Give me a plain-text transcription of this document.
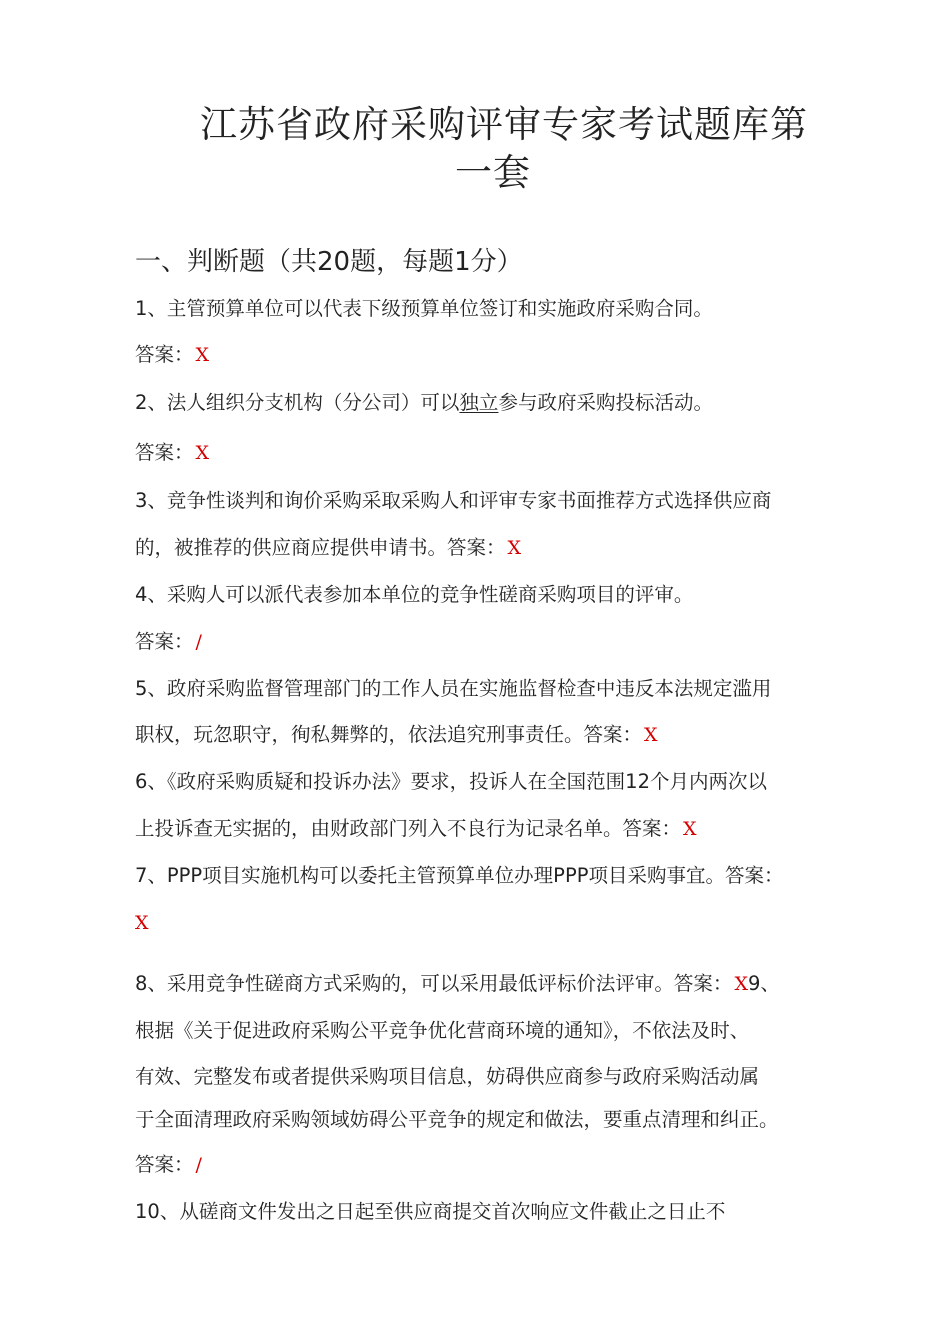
江苏省政府采购评审专家考试题库第
一套
一、判断题（共20题，每题1分）
1、主管预算单位可以代表下级预算单位签订和实施政府采购合同。
答案： X
2、法人组织分支机构（分公司）可以独立参与政府采购投标活动。
答案： X
3、竞争性谈判和询价采购采取采购人和评审专家书面推荐方式选择供应商
的，被推荐的供应商应提供申请书。答案： X
4、采购人可以派代表参加本单位的竞争性磋商采购项目的评审。
答案： /
5、政府采购监督管理部门的工作人员在实施监督检查中违反本法规定滥用
职权，玩忽职守，徇私舞弊的，依法追究刑事责任。答案： X
6、《政府采购质疑和投诉办法》要求，投诉人在全国范围12个月内两次以
上投诉查无实据的，由财政部门列入不良行为记录名单。答案： X
7、PPP项目实施机构可以委托主管预算单位办理PPP项目采购事宜。答案：
X
8、采用竞争性磋商方式采购的，可以采用最低评标价法评审。答案： X9、
根据《关于促进政府采购公平竞争优化营商环境的通知》，不依法及时、
有效、完整发布或者提供采购项目信息，妨碍供应商参与政府采购活动属
于全面清理政府采购领域妨碍公平竞争的规定和做法，要重点清理和纠正。
答案： /
10、从磋商文件发出之日起至供应商提交首次响应文件截止之日止不
